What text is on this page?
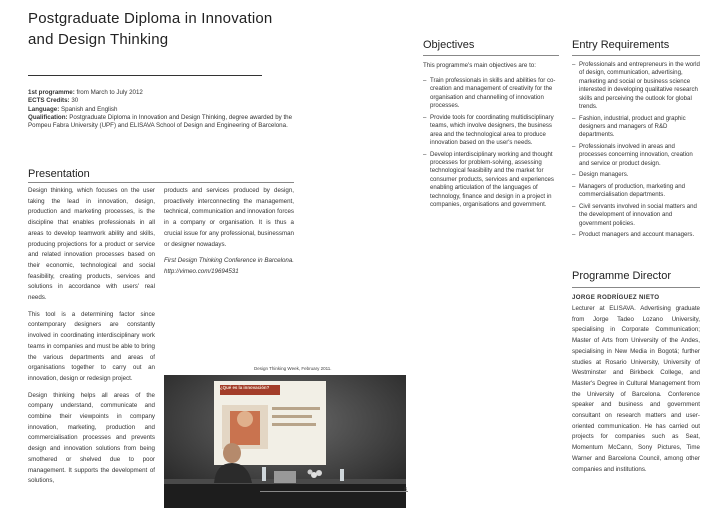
Postgraduate Diploma in Innovation
and Design Thinking
1st programme: from March to July 2012
ECTS Credits: 30
Language: Spanish and English
Qualification: Postgraduate Diploma in Innovation and Design Thinking, degree awarded by the Pompeu Fabra University (UPF) and ELISAVA School of Design and Engineering of Barcelona.
Presentation

Design thinking, which focuses on the user taking the lead in innovation, design, production and marketing processes, is the discipline that enables professionals in all areas to develop teamwork ability and skills, producing projections for a product or service and related innovation processes based on their economic, technological and social feasibility, creating products, services and solutions in accordance with users' real needs.

This tool is a determining factor since contemporary designers are constantly involved in coordinating interdisciplinary work teams in companies and must be able to bring the various departments and areas of organisations together to carry out an innovation, design or redesign project.

Design thinking helps all areas of the company understand, communicate and combine their viewpoints in company innovation, marketing, production and commercialisation processes and prevents design and innovation solutions from being smothered or shelved due to poor management. It supports the development of solutions,

products and services produced by design, proactively interconnecting the management, technical, communication and innovation forces in a company or organisation. It is thus a crucial issue for any professional, businessman or designer nowadays.

First Design Thinking Conference in Barcelona. http://vimeo.com/19694531

Design Thinking Week, February 2011.
¿Qué es la innovación?
8
Objectives
This programme's main objectives are to:
– Train professionals in skills and abilities for co-creation and management of creativity for the organisation and channelling of innovation processes.
– Provide tools for coordinating multidisciplinary teams, which involve designers, the business area and the technological area to produce innovation based on the user's needs.
– Develop interdisciplinary working and thought processes for problem-solving, assessing technological feasibility and the market for consumer products, services and experiences enabling articulation of the languages of technology, finance and design in a project in companies, organisations and government.
Entry Requirements
– Professionals and entrepreneurs in the world of design, communication, advertising, marketing and social or business science interested in developing qualitative research skills and perceiving the outlook for global trends.
– Fashion, industrial, product and graphic designers and managers of R&D departments.
– Professionals involved in areas and processes concerning innovation, creation and service or product design.
– Design managers.
– Managers of production, marketing and commercialisation departments.
– Civil servants involved in social matters and the development of innovation and government policies.
– Product managers and account managers.
Programme Director
JORGE RODRÍGUEZ NIETO
Lecturer at ELISAVA. Advertising graduate from Jorge Tadeo Lozano University, specialising in Corporate Communication; Master of Arts from University of the Andes, specialising in New Media in Bogotá; further studies at Rosario University, University of Westminster and Birkbeck College, and Master's Degree in Cultural Management from the University of Barcelona. Conference speaker and business and government consultant on research matters and user-oriented communication. He has carried out projects for companies such as Seat, Momentum McCann, Sony Pictures, Time Warner and Barcelona Council, among other companies and institutions.
